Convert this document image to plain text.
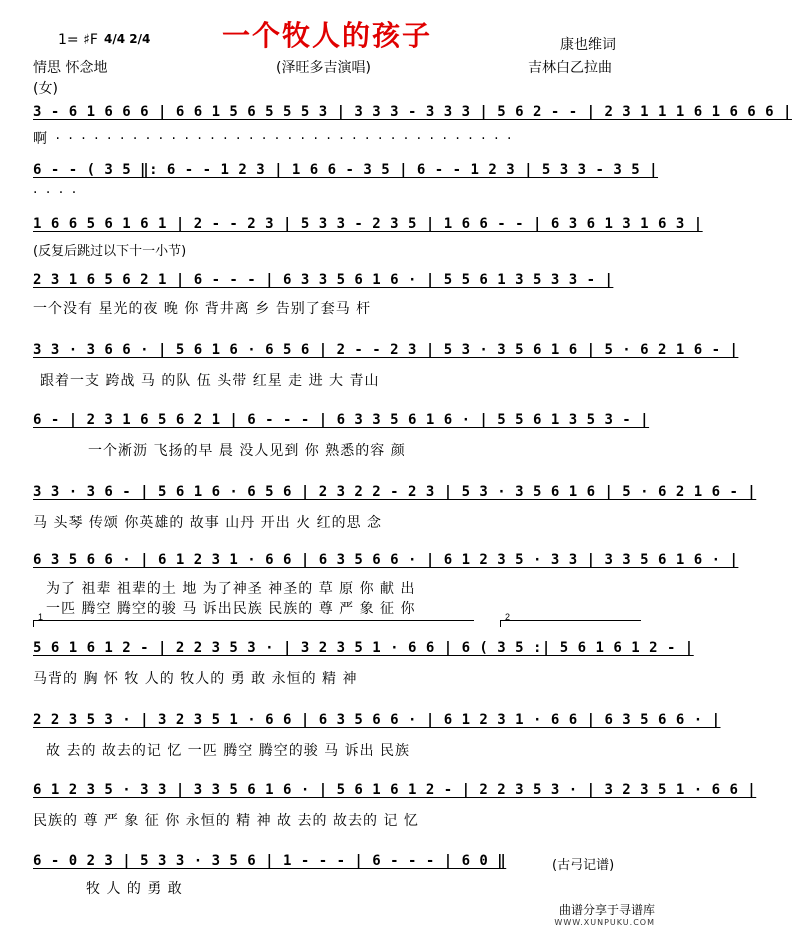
一个牧人的孩子
1= ♯F 4/4 2/4	康也维词
情思 怀念地	(泽旺多吉演唱)	吉林白乙拉曲
(女)
3 - 6 1 6 6 6 | 6 6 1 5 6 5 5 5 3 | 3 3 3 - 3 3 3 | 5 6 2 - - | 2 3 1 1 1 6 1 6 6 6 |
啊 · · · · · · · · · · · · · · · · · · · · · · · · · · · · · · · · · · · ·
6 - - ( 3 5 ‖: 6 - - 1 2 3 | 1 6 6 - 3 5 | 6 - - 1 2 3 | 5 3 3 - 3 5 |
· · · ·
1 6 6 5 6 1 6 1 | 2 - - 2 3 | 5 3 3 - 2 3 5 | 1 6 6 - - | 6 3 6 1 3 1 6 3 |
(反复后跳过以下十一小节)
2 3 1 6 5 6 2 1 | 6 - - - | 6 3 3 5 6 1 6 · | 5 5 6 1 3 5 3 3 - |
一个没有 星光的夜 晚 你 背井离 乡 告别了套马 杆
3 3 · 3 6 6 · | 5 6 1 6 · 6 5 6 | 2 - - 2 3 | 5 3 · 3 5 6 1 6 | 5 · 6 2 1 6 - |
跟着一支 跨战 马 的队 伍 头带 红星 走 进 大 青山
6 - | 2 3 1 6 5 6 2 1 | 6 - - - | 6 3 3 5 6 1 6 · | 5 5 6 1 3 5 3 - |
一个淅沥 飞扬的早 晨 没人见到 你 熟悉的容 颜
3 3 · 3 6 - | 5 6 1 6 · 6 5 6 | 2 3 2 2 - 2 3 | 5 3 · 3 5 6 1 6 | 5 · 6 2 1 6 - |
马 头琴 传颂 你英雄的 故事 山丹 开出 火 红的思 念
6 3 5 6 6 · | 6 1 2 3 1 · 6 6 | 6 3 5 6 6 · | 6 1 2 3 5 · 3 3 | 3 3 5 6 1 6 · |
为了 祖辈 祖辈的土 地 为了神圣 神圣的 草 原 你 献 出
一匹 腾空 腾空的骏 马 诉出民族 民族的 尊 严 象 征 你
1	2
5 6 1 6 1 2 - | 2 2 3 5 3 · | 3 2 3 5 1 · 6 6 | 6 ( 3 5 :| 5 6 1 6 1 2 - |
马背的 胸 怀 牧 人的 牧人的 勇 敢 永恒的 精 神
2 2 3 5 3 · | 3 2 3 5 1 · 6 6 | 6 3 5 6 6 · | 6 1 2 3 1 · 6 6 | 6 3 5 6 6 · |
故 去的 故去的记 忆 一匹 腾空 腾空的骏 马 诉出 民族
6 1 2 3 5 · 3 3 | 3 3 5 6 1 6 · | 5 6 1 6 1 2 - | 2 2 3 5 3 · | 3 2 3 5 1 · 6 6 |
民族的 尊 严 象 征 你 永恒的 精 神 故 去的 故去的 记 忆
6 - 0 2 3 | 5 3 3 · 3 5 6 | 1 - - - | 6 - - - | 6 0 ‖
牧 人 的 勇 敢
(古弓记谱)
曲谱分享于寻谱库
WWW.XUNPUKU.COM
